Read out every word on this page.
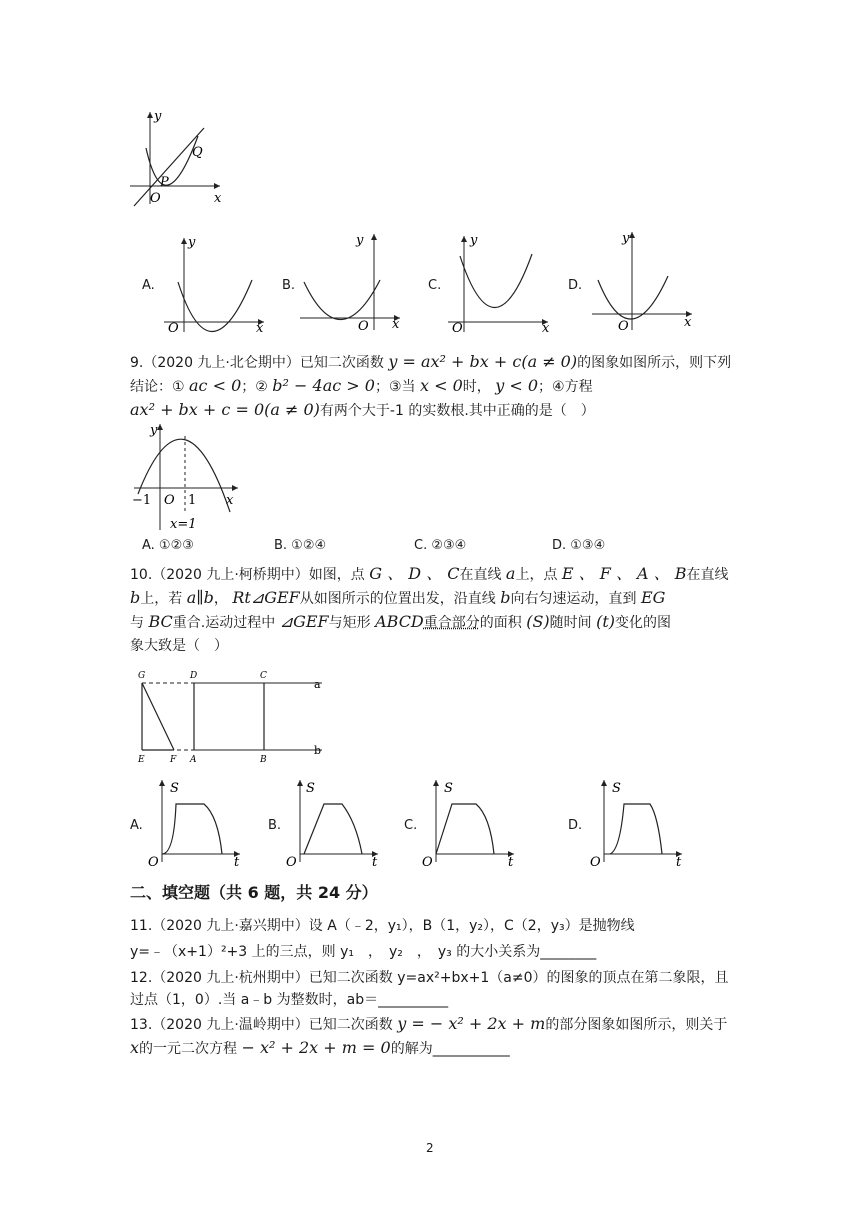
y
x
O
P
Q
A.
y
x
O
B.
y
x
O
C.
y
x
O
D.
y
x
O
9.（2020 九上·北仑期中）已知二次函数 y = ax² + bx + c(a ≠ 0)的图象如图所示，则下列
结论：① ac < 0；② b² − 4ac > 0；③当 x < 0时， y < 0；④方程
ax² + bx + c = 0(a ≠ 0)有两个大于-1 的实数根.其中正确的是（　）
y
x
O
−1	1
x=1
A. ①②③	B. ①②④	C. ②③④	D. ①③④
10.（2020 九上·柯桥期中）如图，点 G 、 D 、 C在直线 a上，点 E 、 F 、 A 、 B在直线
b上，若 a∥b， Rt⊿GEF从如图所示的位置出发，沿直线 b向右匀速运动，直到 EG
与 BC重合.运动过程中 ⊿GEF与矩形 ABCD重合部分的面积 (S)随时间 (t)变化的图
象大致是（　）
G	D	C
a
E	F A	B
b
A.
S
t
O
B.
S
t
O
C.
S
t
O
D.
S
t
O
二、填空题（共 6 题，共 24 分）
11.（2020 九上·嘉兴期中）设 A（﹣2，y₁），B（1，y₂），C（2，y₃）是抛物线
y=﹣（x+1）²+3 上的三点，则 y₁　，　y₂　，　y₃ 的大小关系为________
12.（2020 九上·杭州期中）已知二次函数 y=ax²+bx+1（a≠0）的图象的顶点在第二象限，且
过点（1，0）.当 a﹣b 为整数时，ab＝__________
13.（2020 九上·温岭期中）已知二次函数 y = − x² + 2x + m的部分图象如图所示，则关于
x的一元二次方程 − x² + 2x + m = 0的解为___________
2
